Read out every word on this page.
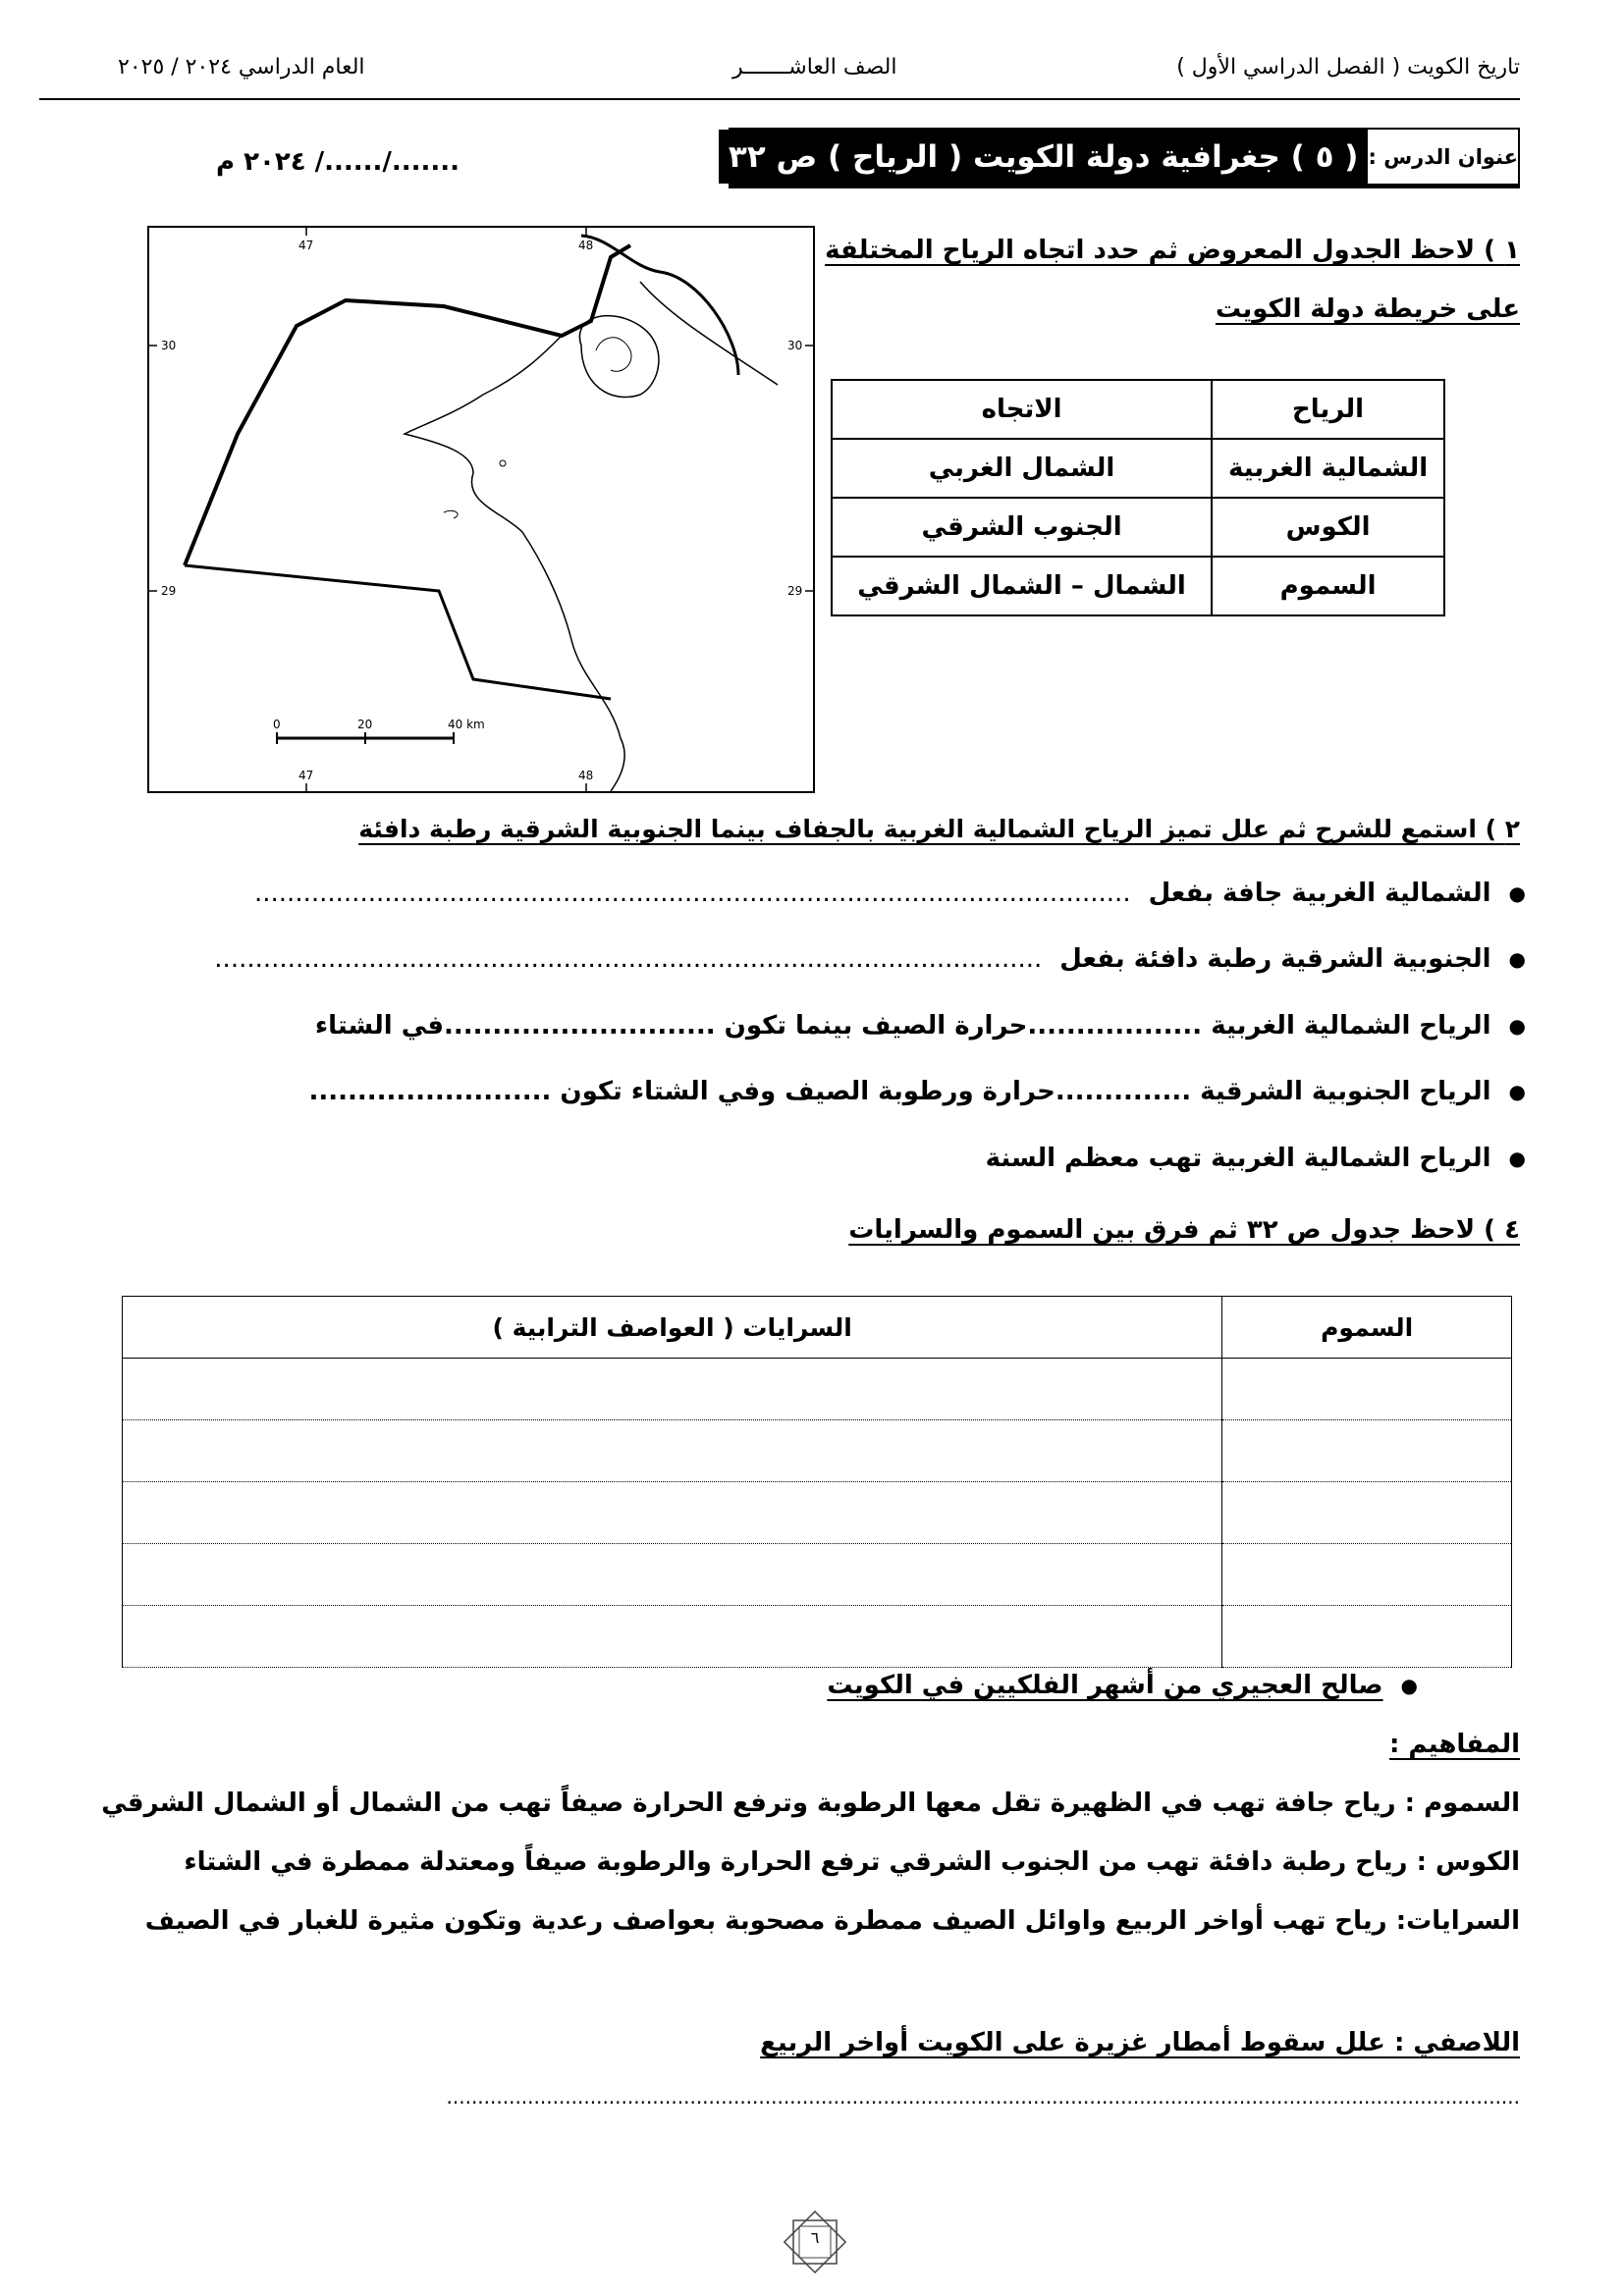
تاريخ الكويت ( الفصل الدراسي الأول )
الصف العاشـــــــر
العام الدراسي ٢٠٢٤ / ٢٠٢٥
عنوان الدرس :
( ٥ ) جغرافية دولة الكويت ( الرياح ) ص ٣٢
......./....../ ٢٠٢٤ م
١ ) لاحظ الجدول المعروض ثم حدد اتجاه الرياح المختلفة
على خريطة دولة الكويت
الرياح	الاتجاه
الشمالية الغربية	الشمال الغربي
الكوس	الجنوب الشرقي
السموم	الشمال – الشمال الشرقي
47	48
47	48
30	30
29	29
0	20	40 km
٢ ) استمع للشرح ثم علل تميز الرياح الشمالية الغربية بالجفاف بينما الجنوبية الشرقية رطبة دافئة
●
الشمالية الغربية جافة بفعل
............................................................................................................
●
الجنوبية الشرقية رطبة دافئة بفعل
......................................................................................................
●
الرياح الشمالية الغربية ..................حرارة الصيف بينما تكون ............................في الشتاء
●
الرياح الجنوبية الشرقية ..............حرارة ورطوبة الصيف وفي الشتاء تكون .........................
●
الرياح الشمالية الغربية تهب معظم السنة
٤ ) لاحظ جدول ص ٣٢ ثم فرق بين السموم والسرايات
السموم	السرايات ( العواصف الترابية )

●
صالح العجيري من أشهر الفلكيين في الكويت
المفاهيم :
السموم : رياح جافة تهب في الظهيرة تقل معها الرطوبة وترفع الحرارة صيفاً تهب من الشمال أو الشمال الشرقي
الكوس : رياح رطبة دافئة تهب من الجنوب الشرقي ترفع الحرارة والرطوبة صيفاً ومعتدلة ممطرة في الشتاء
السرايات: رياح تهب أواخر الربيع واوائل الصيف ممطرة مصحوبة بعواصف رعدية وتكون مثيرة للغبار في الصيف
اللاصفي : علل سقوط أمطار غزيرة على الكويت أواخر الربيع
............................................................................................................................................................................
٦
